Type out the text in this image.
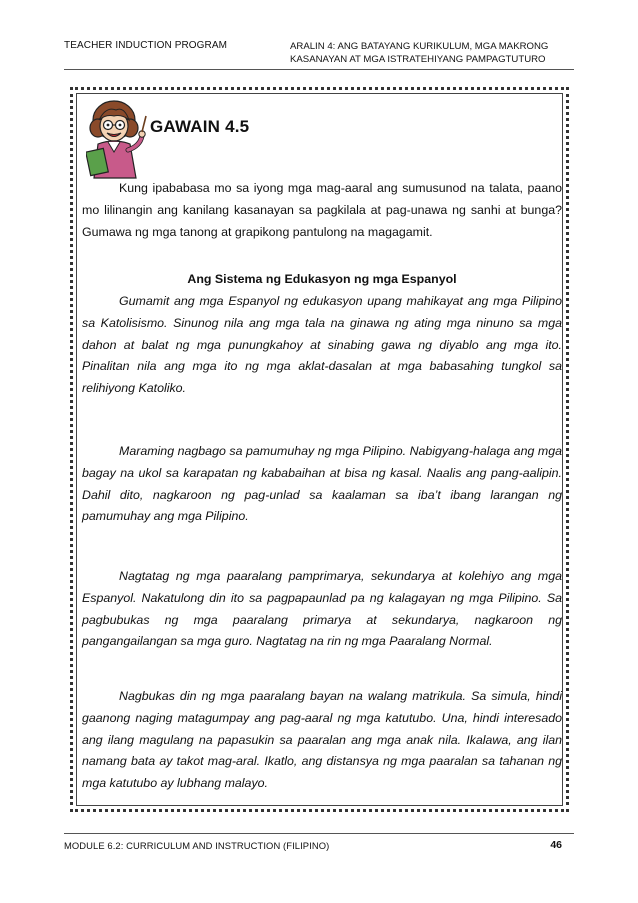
TEACHER INDUCTION PROGRAM	ARALIN 4: ANG BATAYANG KURIKULUM, MGA MAKRONG KASANAYAN AT MGA ISTRATEHIYANG PAMPAGTUTURO
GAWAIN 4.5

Kung ipababasa mo sa iyong mga mag-aaral ang sumusunod na talata, paano mo lilinangin ang kanilang kasanayan sa pagkilala at pag-unawa ng sanhi at bunga? Gumawa ng mga tanong at grapikong pantulong na magagamit.

Ang Sistema ng Edukasyon ng mga Espanyol

Gumamit ang mga Espanyol ng edukasyon upang mahikayat ang mga Pilipino sa Katolisismo. Sinunog nila ang mga tala na ginawa ng ating mga ninuno sa mga dahon at balat ng mga punungkahoy at sinabing gawa ng diyablo ang mga ito. Pinalitan nila ang mga ito ng mga aklat-dasalan at mga babasahing tungkol sa relihiyong Katoliko.

Maraming nagbago sa pamumuhay ng mga Pilipino. Nabigyang-halaga ang mga bagay na ukol sa karapatan ng kababaihan at bisa ng kasal. Naalis ang pang-aalipin. Dahil dito, nagkaroon ng pag-unlad sa kaalaman sa iba’t ibang larangan ng pamumuhay ang mga Pilipino.

Nagtatag ng mga paaralang pamprimarya, sekundarya at kolehiyo ang mga Espanyol. Nakatulong din ito sa pagpapaunlad pa ng kalagayan ng mga Pilipino. Sa pagbubukas ng mga paaralang primarya at sekundarya, nagkaroon ng pangangailangan sa mga guro. Nagtatag na rin ng mga Paaralang Normal.

Nagbukas din ng mga paaralang bayan na walang matrikula. Sa simula, hindi gaanong naging matagumpay ang pag-aaral ng mga katutubo. Una, hindi interesado ang ilang magulang na papasukin sa paaralan ang mga anak nila. Ikalawa, ang ilan namang bata ay takot mag-aral. Ikatlo, ang distansya ng mga paaralan sa tahanan ng mga katutubo ay lubhang malayo.

MODULE 6.2: CURRICULUM AND INSTRUCTION (FILIPINO)	46
